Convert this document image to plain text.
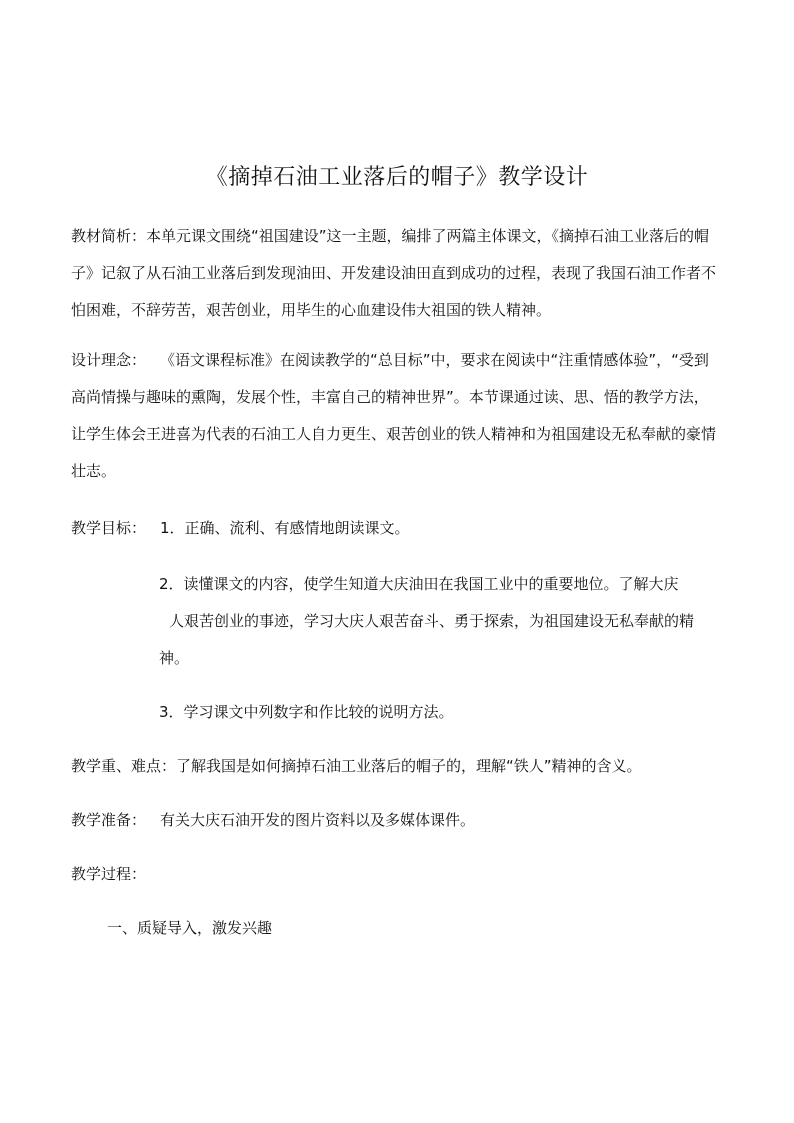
《摘掉石油工业落后的帽子》教学设计

教材简析：本单元课文围绕“祖国建设”这一主题，编排了两篇主体课文，《摘掉石油工业落后的帽子》记叙了从石油工业落后到发现油田、开发建设油田直到成功的过程，表现了我国石油工作者不怕困难，不辞劳苦，艰苦创业，用毕生的心血建设伟大祖国的铁人精神。

设计理念： 《语文课程标准》在阅读教学的“总目标”中，要求在阅读中“注重情感体验”，“受到高尚情操与趣味的熏陶，发展个性，丰富自己的精神世界”。本节课通过读、思、悟的教学方法，让学生体会王进喜为代表的石油工人自力更生、艰苦创业的铁人精神和为祖国建设无私奉献的豪情壮志。

教学目标： 1．正确、流利、有感情地朗读课文。

2．读懂课文的内容，使学生知道大庆油田在我国工业中的重要地位。了解大庆
人艰苦创业的事迹，学习大庆人艰苦奋斗、勇于探索，为祖国建设无私奉献的精神。

3．学习课文中列数字和作比较的说明方法。

教学重、难点：了解我国是如何摘掉石油工业落后的帽子的，理解“铁人”精神的含义。

教学准备： 有关大庆石油开发的图片资料以及多媒体课件。

教学过程：

一、质疑导入，激发兴趣
